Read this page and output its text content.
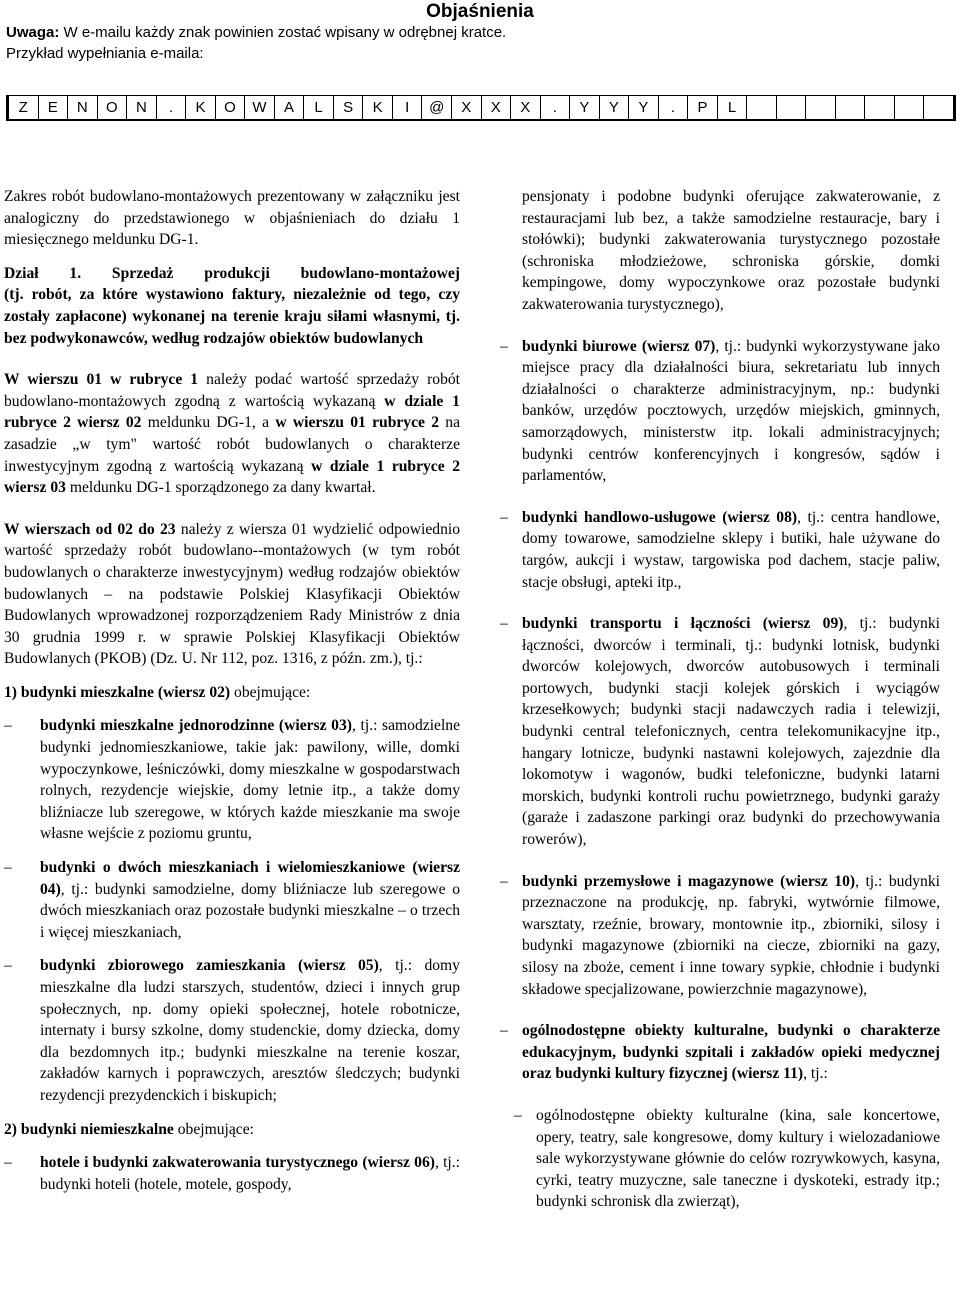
Objaśnienia
Uwaga: W e-mailu każdy znak powinien zostać wpisany w odrębnej kratce.
Przykład wypełniania e-maila:
Z	E	N	O	N	.	K	O	W	A	L	S	K	I	@	X	X	X	.	Y	Y	Y	.	P	L

Zakres robót budowlano-montażowych prezentowany w załączniku jest analogiczny do przedstawionego w objaśnieniach do działu 1 miesięcznego meldunku DG-1.

Dział 1. Sprzedaż produkcji budowlano-montażowej

(tj. robót, za które wystawiono faktury, niezależnie od tego, czy zostały zapłacone) wykonanej na terenie kraju siłami własnymi, tj. bez podwykonawców, według rodzajów obiektów budowlanych

W wierszu 01 w rubryce 1 należy podać wartość sprzedaży robót budowlano-montażowych zgodną z wartością wykazaną w dziale 1 rubryce 2 wiersz 02 meldunku DG-1, a w wierszu 01 rubryce 2 na zasadzie „w tym" wartość robót budowlanych o charakterze inwestycyjnym zgodną z wartością wykazaną w dziale 1 rubryce 2 wiersz 03 meldunku DG-1 sporządzonego za dany kwartał.

W wierszach od 02 do 23 należy z wiersza 01 wydzielić odpowiednio wartość sprzedaży robót budowlano--montażowych (w tym robót budowlanych o charakterze inwestycyjnym) według rodzajów obiektów budowlanych – na podstawie Polskiej Klasyfikacji Obiektów Budowlanych wprowadzonej rozporządzeniem Rady Ministrów z dnia 30 grudnia 1999 r. w sprawie Polskiej Klasyfikacji Obiektów Budowlanych (PKOB) (Dz. U. Nr 112, poz. 1316, z późn. zm.), tj.:

1) budynki mieszkalne (wiersz 02) obejmujące:

– budynki mieszkalne jednorodzinne (wiersz 03), tj.: samodzielne budynki jednomieszkaniowe, takie jak: pawilony, wille, domki wypoczynkowe, leśniczówki, domy mieszkalne w gospodarstwach rolnych, rezydencje wiejskie, domy letnie itp., a także domy bliźniacze lub szeregowe, w których każde mieszkanie ma swoje własne wejście z poziomu gruntu,
– budynki o dwóch mieszkaniach i wielomieszkaniowe (wiersz 04), tj.: budynki samodzielne, domy bliźniacze lub szeregowe o dwóch mieszkaniach oraz pozostałe budynki mieszkalne – o trzech i więcej mieszkaniach,
– budynki zbiorowego zamieszkania (wiersz 05), tj.: domy mieszkalne dla ludzi starszych, studentów, dzieci i innych grup społecznych, np. domy opieki społecznej, hotele robotnicze, internaty i bursy szkolne, domy studenckie, domy dziecka, domy dla bezdomnych itp.; budynki mieszkalne na terenie koszar, zakładów karnych i poprawczych, aresztów śledczych; budynki rezydencji prezydenckich i biskupich;

2) budynki niemieszkalne obejmujące:

– hotele i budynki zakwaterowania turystycznego (wiersz 06), tj.: budynki hoteli (hotele, motele, gospody,

pensjonaty i podobne budynki oferujące zakwaterowanie, z restauracjami lub bez, a także samodzielne restauracje, bary i stołówki); budynki zakwaterowania turystycznego pozostałe (schroniska młodzieżowe, schroniska górskie, domki kempingowe, domy wypoczynkowe oraz pozostałe budynki zakwaterowania turystycznego),

– budynki biurowe (wiersz 07), tj.: budynki wykorzystywane jako miejsce pracy dla działalności biura, sekretariatu lub innych działalności o charakterze administracyjnym, np.: budynki banków, urzędów pocztowych, urzędów miejskich, gminnych, samorządowych, ministerstw itp. lokali administracyjnych; budynki centrów konferencyjnych i kongresów, sądów i parlamentów,
– budynki handlowo-usługowe (wiersz 08), tj.: centra handlowe, domy towarowe, samodzielne sklepy i butiki, hale używane do targów, aukcji i wystaw, targowiska pod dachem, stacje paliw, stacje obsługi, apteki itp.,
– budynki transportu i łączności (wiersz 09), tj.: budynki łączności, dworców i terminali, tj.: budynki lotnisk, budynki dworców kolejowych, dworców autobusowych i terminali portowych, budynki stacji kolejek górskich i wyciągów krzesełkowych; budynki stacji nadawczych radia i telewizji, budynki central telefonicznych, centra telekomunikacyjne itp., hangary lotnicze, budynki nastawni kolejowych, zajezdnie dla lokomotyw i wagonów, budki telefoniczne, budynki latarni morskich, budynki kontroli ruchu powietrznego, budynki garaży (garaże i zadaszone parkingi oraz budynki do przechowywania rowerów),
– budynki przemysłowe i magazynowe (wiersz 10), tj.: budynki przeznaczone na produkcję, np. fabryki, wytwórnie filmowe, warsztaty, rzeźnie, browary, montownie itp., zbiorniki, silosy i budynki magazynowe (zbiorniki na ciecze, zbiorniki na gazy, silosy na zboże, cement i inne towary sypkie, chłodnie i budynki składowe specjalizowane, powierzchnie magazynowe),
– ogólnodostępne obiekty kulturalne, budynki o charakterze edukacyjnym, budynki szpitali i zakładów opieki medycznej oraz budynki kultury fizycznej (wiersz 11), tj.:
– ogólnodostępne obiekty kulturalne (kina, sale koncertowe, opery, teatry, sale kongresowe, domy kultury i wielozadaniowe sale wykorzystywane głównie do celów rozrywkowych, kasyna, cyrki, teatry muzyczne, sale taneczne i dyskoteki, estrady itp.; budynki schronisk dla zwierząt),
